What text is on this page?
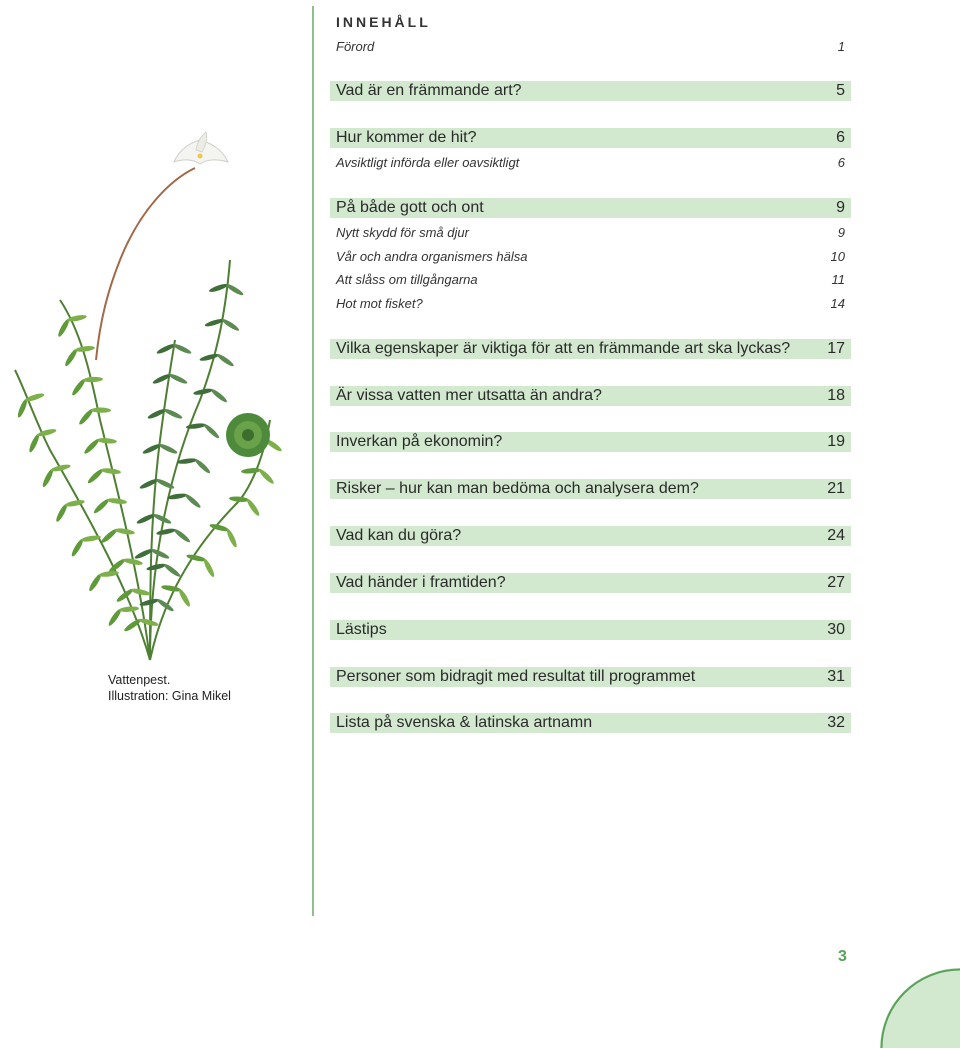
Vattenpest.
Illustration: Gina Mikel
INNEHÅLL
Förord	1
Vad är en främmande art?	5
Hur kommer de hit?	6
Avsiktligt införda eller oavsiktligt	6
På både gott och ont	9
Nytt skydd för små djur	9
Vår och andra organismers hälsa	10
Att slåss om tillgångarna	11
Hot mot fisket?	14
Vilka egenskaper är viktiga för att en främmande art ska lyckas? 17
Är vissa vatten mer utsatta än andra?	18
Inverkan på ekonomin?	19
Risker – hur kan man bedöma och analysera dem?	21
Vad kan du göra?	24
Vad händer i framtiden?	27
Lästips	30
Personer som bidragit med resultat till programmet	31
Lista på svenska & latinska artnamn	32
3
